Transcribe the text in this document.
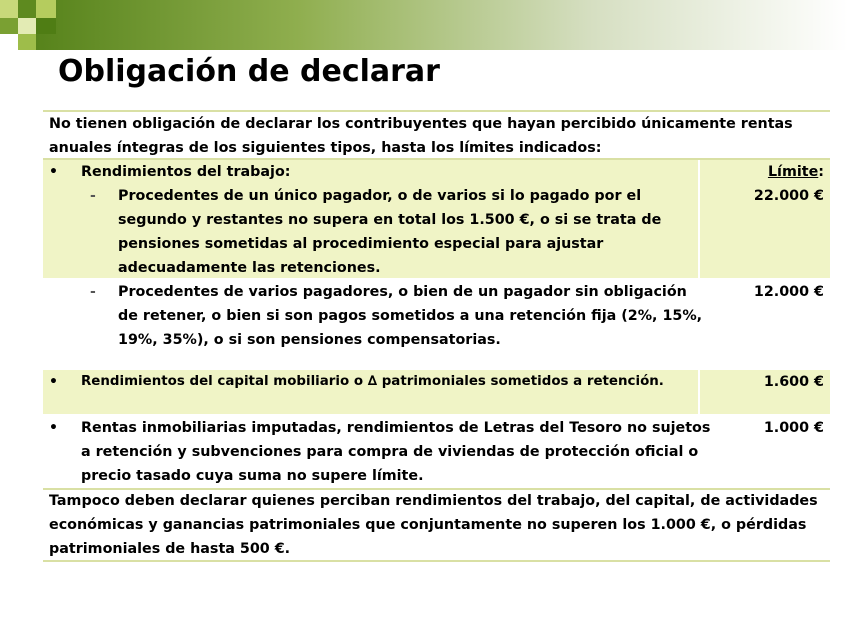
Obligación de declarar
No tienen obligación de declarar los contribuyentes que hayan percibido únicamente rentas
anuales íntegras de los siguientes tipos, hasta los límites indicados:
• Rendimientos del trabajo:	Límite:
- Procedentes de un único pagador, o de varios si lo pagado por el
segundo y restantes no supera en total los 1.500 €, o si se trata de
pensiones sometidas al procedimiento especial para ajustar
adecuadamente las retenciones.
22.000 €
- Procedentes de varios pagadores, o bien de un pagador sin obligación
de retener, o bien si son pagos sometidos a una retención fija (2%, 15%,
19%, 35%), o si son pensiones compensatorias.
12.000 €
• Rendimientos del capital mobiliario o ∆ patrimoniales sometidos a retención.	1.600 €
• Rentas inmobiliarias imputadas, rendimientos de Letras del Tesoro no sujetos
a retención y subvenciones para compra de viviendas de protección oficial o
precio tasado cuya suma no supere límite.
1.000 €
Tampoco deben declarar quienes perciban rendimientos del trabajo, del capital, de actividades
económicas y ganancias patrimoniales que conjuntamente no superen los 1.000 €, o pérdidas
patrimoniales de hasta 500 €.
